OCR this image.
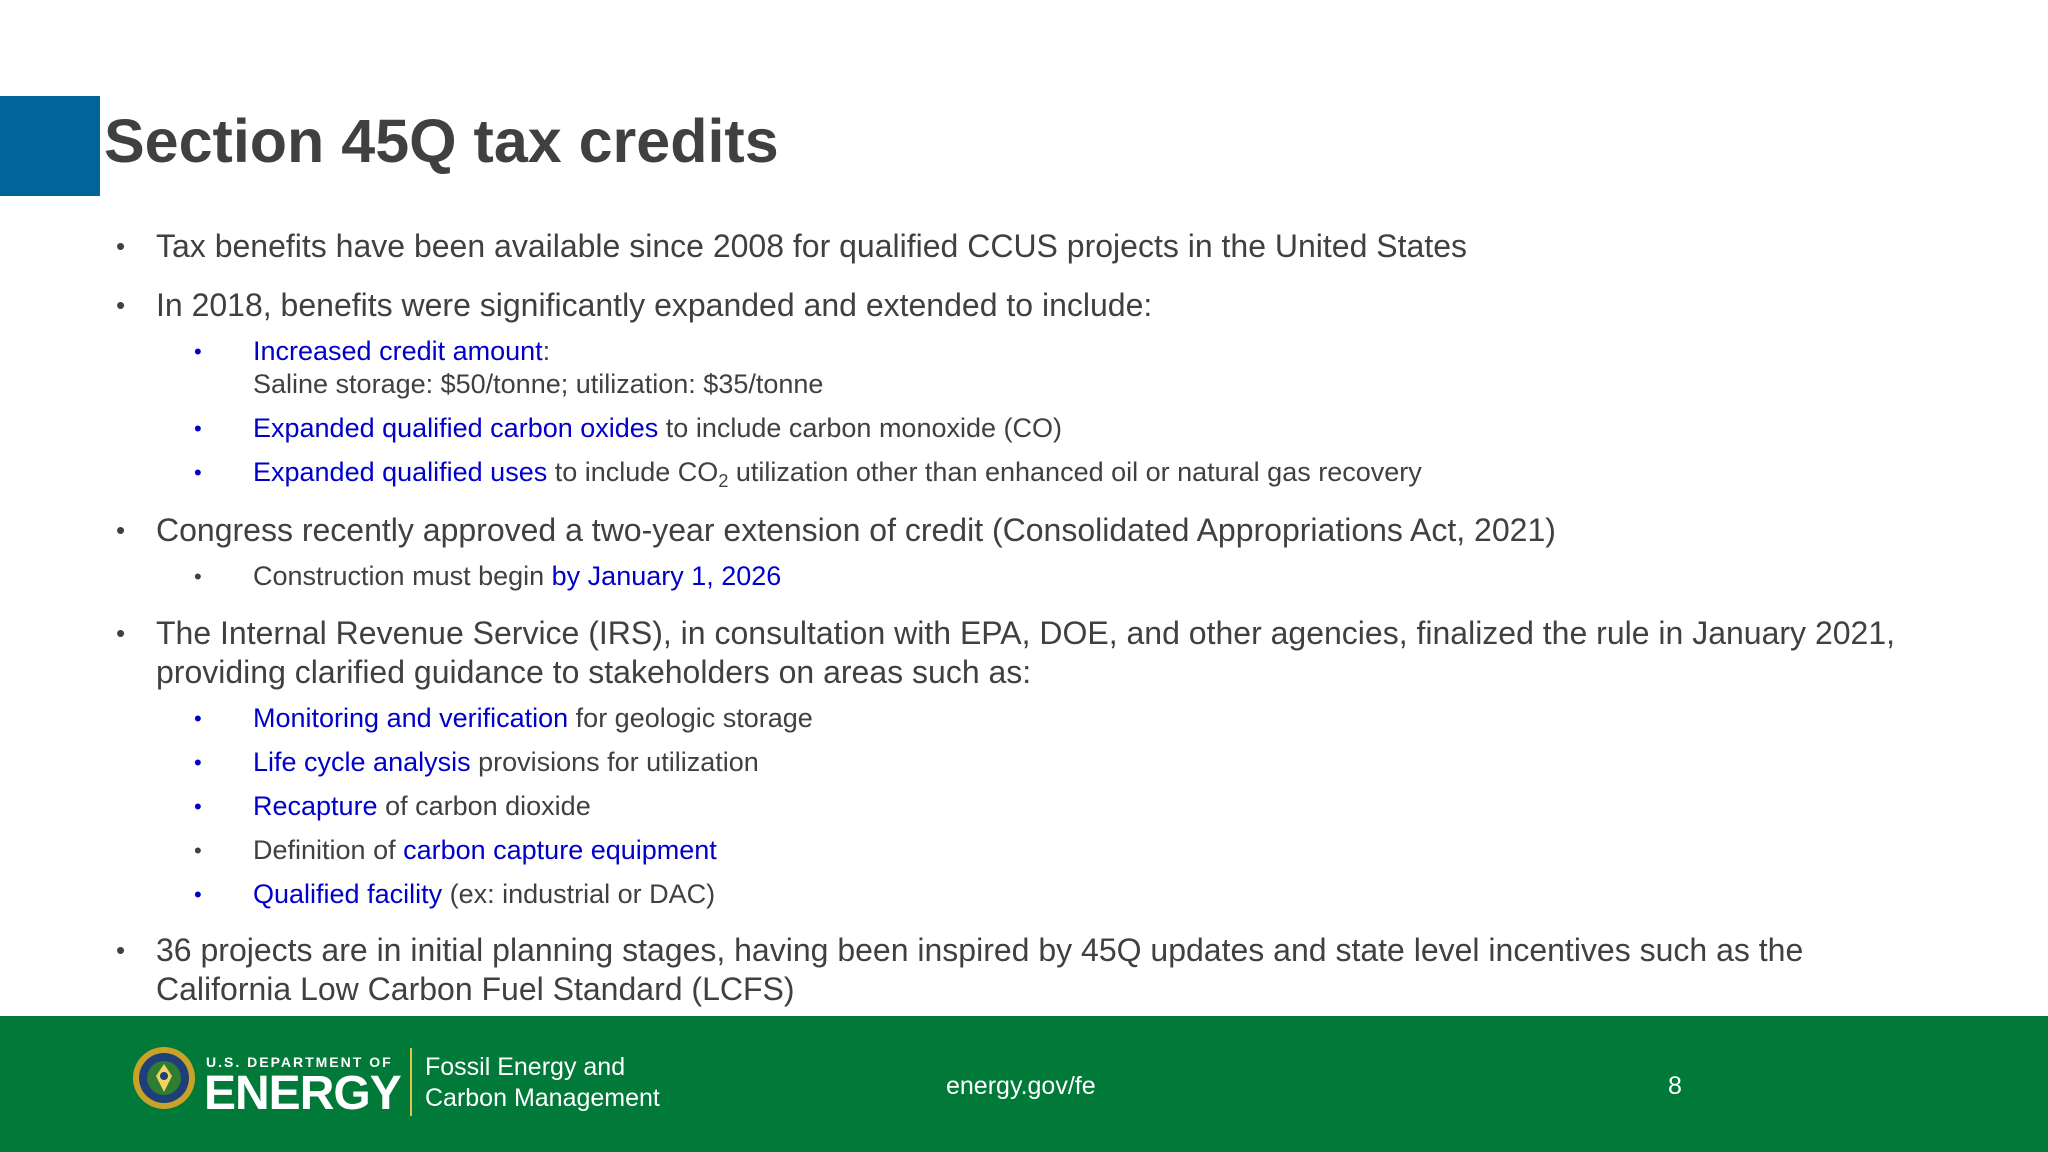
Section 45Q tax credits
• Tax benefits have been available since 2008 for qualified CCUS projects in the United States
• In 2018, benefits were significantly expanded and extended to include:
• Increased credit amount:
Saline storage: $50/tonne; utilization: $35/tonne
• Expanded qualified carbon oxides to include carbon monoxide (CO)
• Expanded qualified uses to include $CO_2$ utilization other than enhanced oil or natural gas recovery
• Congress recently approved a two-year extension of credit (Consolidated Appropriations Act, 2021)
• Construction must begin by January 1, 2026
• The Internal Revenue Service (IRS), in consultation with EPA, DOE, and other agencies, finalized the rule in January 2021,
providing clarified guidance to stakeholders on areas such as:
• Monitoring and verification for geologic storage
• Life cycle analysis provisions for utilization
• Recapture of carbon dioxide
• Definition of carbon capture equipment
• Qualified facility (ex: industrial or DAC)
• 36 projects are in initial planning stages, having been inspired by 45Q updates and state level incentives such as the
California Low Carbon Fuel Standard (LCFS)
U.S. DEPARTMENT OF
ENERGY Fossil Energy and
Carbon Management	energy.gov/fe	8
